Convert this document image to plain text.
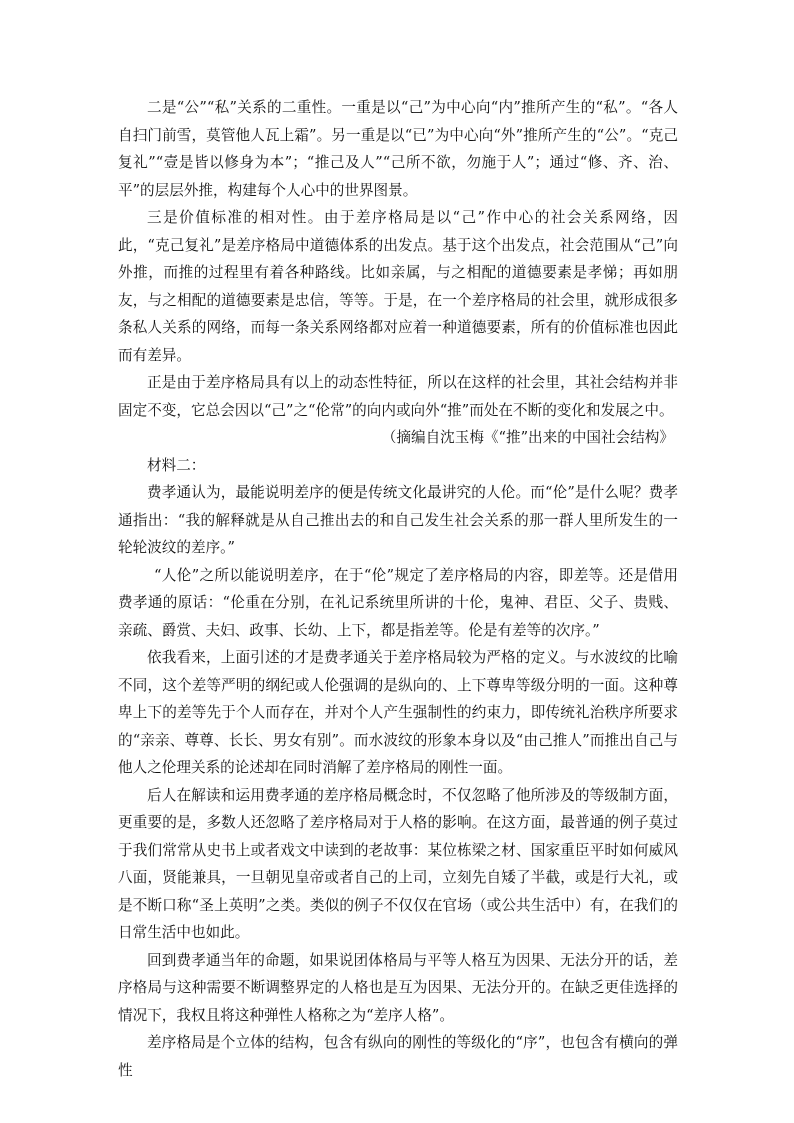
二是“公”“私”关系的二重性。一重是以“己”为中心向“内”推所产生的“私”。“各人自扫门前雪，莫管他人瓦上霜”。另一重是以“已”为中心向“外”推所产生的“公”。“克己复礼”“壹是皆以修身为本”；“推己及人”“己所不欲，勿施于人”；通过“修、齐、治、平”的层层外推，构建每个人心中的世界图景。

三是价值标准的相对性。由于差序格局是以“己”作中心的社会关系网络，因此，“克己复礼”是差序格局中道德体系的出发点。基于这个出发点，社会范围从“己”向外推，而推的过程里有着各种路线。比如亲属，与之相配的道德要素是孝悌；再如朋友，与之相配的道德要素是忠信，等等。于是，在一个差序格局的社会里，就形成很多条私人关系的网络，而每一条关系网络都对应着一种道德要素，所有的价值标准也因此而有差异。

正是由于差序格局具有以上的动态性特征，所以在这样的社会里，其社会结构并非固定不变，它总会因以“己”之“伦常”的向内或向外“推”而处在不断的变化和发展之中。

（摘编自沈玉梅《“推”出来的中国社会结构》

材料二：

费孝通认为，最能说明差序的便是传统文化最讲究的人伦。而“伦”是什么呢？费孝通指出：“我的解释就是从自己推出去的和自己发生社会关系的那一群人里所发生的一轮轮波纹的差序。”

“人伦”之所以能说明差序，在于“伦”规定了差序格局的内容，即差等。还是借用费孝通的原话：“伦重在分别，在礼记系统里所讲的十伦，鬼神、君臣、父子、贵贱、亲疏、爵赏、夫妇、政事、长幼、上下，都是指差等。伦是有差等的次序。”

依我看来，上面引述的才是费孝通关于差序格局较为严格的定义。与水波纹的比喻不同，这个差等严明的纲纪或人伦强调的是纵向的、上下尊卑等级分明的一面。这种尊卑上下的差等先于个人而存在，并对个人产生强制性的约束力，即传统礼治秩序所要求的“亲亲、尊尊、长长、男女有别”。而水波纹的形象本身以及“由己推人”而推出自己与他人之伦理关系的论述却在同时消解了差序格局的刚性一面。

后人在解读和运用费孝通的差序格局概念时，不仅忽略了他所涉及的等级制方面，更重要的是，多数人还忽略了差序格局对于人格的影响。在这方面，最普通的例子莫过于我们常常从史书上或者戏文中读到的老故事：某位栋梁之材、国家重臣平时如何威风八面，贤能兼具，一旦朝见皇帝或者自己的上司，立刻先自矮了半截，或是行大礼，或是不断口称“圣上英明”之类。类似的例子不仅仅在官场（或公共生活中）有，在我们的日常生活中也如此。

回到费孝通当年的命题，如果说团体格局与平等人格互为因果、无法分开的话，差序格局与这种需要不断调整界定的人格也是互为因果、无法分开的。在缺乏更佳选择的情况下，我权且将这种弹性人格称之为“差序人格”。

差序格局是个立体的结构，包含有纵向的刚性的等级化的“序”，也包含有横向的弹性
